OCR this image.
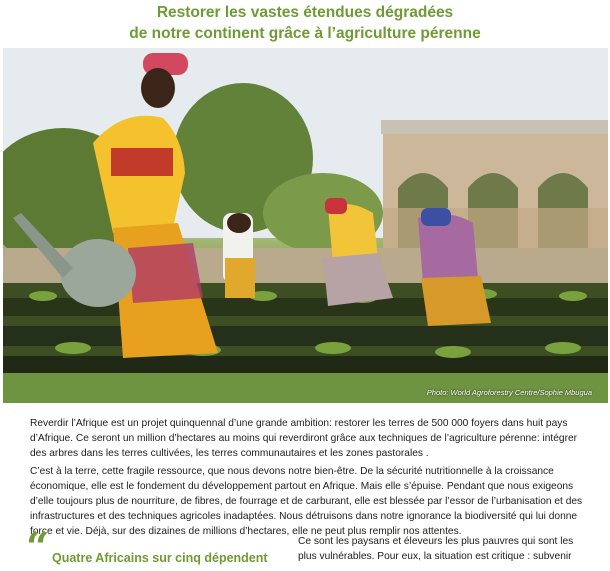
Restorer les vastes étendues dégradées
de notre continent grâce à l’agriculture pérenne
Photo: World Agroforestry Centre/Sophie Mbugua

Reverdir l’Afrique est un projet quinquennal d’une grande ambition: restorer les terres de 500 000 foyers dans huit pays d’Afrique. Ce seront un million d’hectares au moins qui reverdiront grâce aux techniques de l’agriculture pérenne: intégrer des arbres dans les terres cultivées, les terres communautaires et les zones pastorales .

C’est à la terre, cette fragile ressource, que nous devons notre bien-être. De la sécurité nutritionnelle à la croissance économique, elle est le fondement du développement partout en Afrique. Mais elle s’épuise. Pendant que nous exigeons d’elle toujours plus de nourriture, de fibres, de fourrage et de carburant, elle est blessée par l’essor de l’urbanisation et des infrastructures et des techniques agricoles inadaptées. Nous détruisons dans notre ignorance la biodiversité qui lui donne force et vie. Déjà, sur des dizaines de millions d’hectares, elle ne peut plus remplir nos attentes.

“ Quatre Africains sur cinq dépendent

Ce sont les paysans et éleveurs les plus pauvres qui sont les plus vulnérables. Pour eux, la situation est critique : subvenir
